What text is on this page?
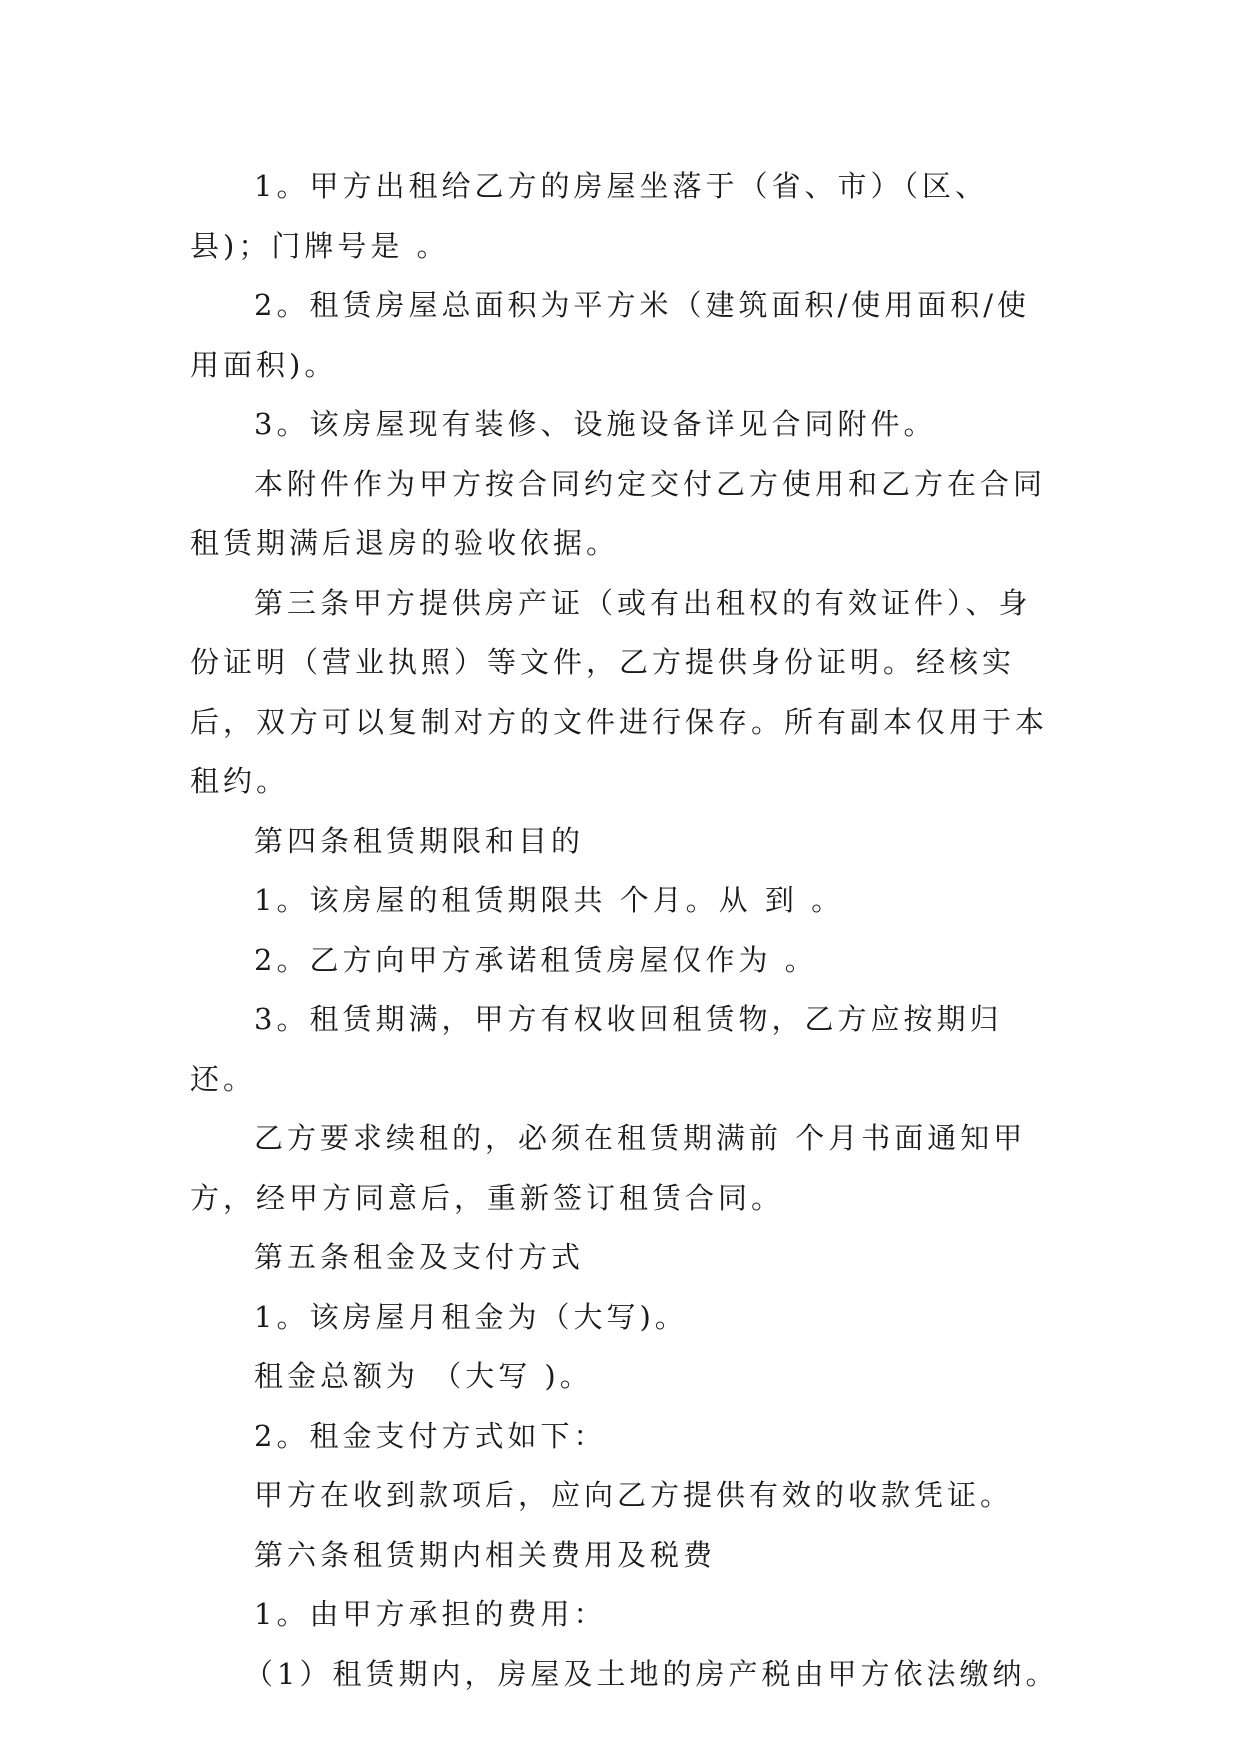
1。甲方出租给乙方的房屋坐落于（省、市）（区、县)；门牌号是 。

2。租赁房屋总面积为平方米（建筑面积/使用面积/使用面积)。

3。该房屋现有装修、设施设备详见合同附件。

本附件作为甲方按合同约定交付乙方使用和乙方在合同租赁期满后退房的验收依据。

第三条甲方提供房产证（或有出租权的有效证件）、身份证明（营业执照）等文件，乙方提供身份证明。经核实后，双方可以复制对方的文件进行保存。所有副本仅用于本租约。

第四条租赁期限和目的

1。该房屋的租赁期限共 个月。从 到 。

2。乙方向甲方承诺租赁房屋仅作为 。

3。租赁期满，甲方有权收回租赁物，乙方应按期归还。

乙方要求续租的，必须在租赁期满前 个月书面通知甲方，经甲方同意后，重新签订租赁合同。

第五条租金及支付方式

1。该房屋月租金为（大写)。

租金总额为 （大写 )。

2。租金支付方式如下：

甲方在收到款项后，应向乙方提供有效的收款凭证。

第六条租赁期内相关费用及税费

1。由甲方承担的费用：

（1）租赁期内，房屋及土地的房产税由甲方依法缴纳。
